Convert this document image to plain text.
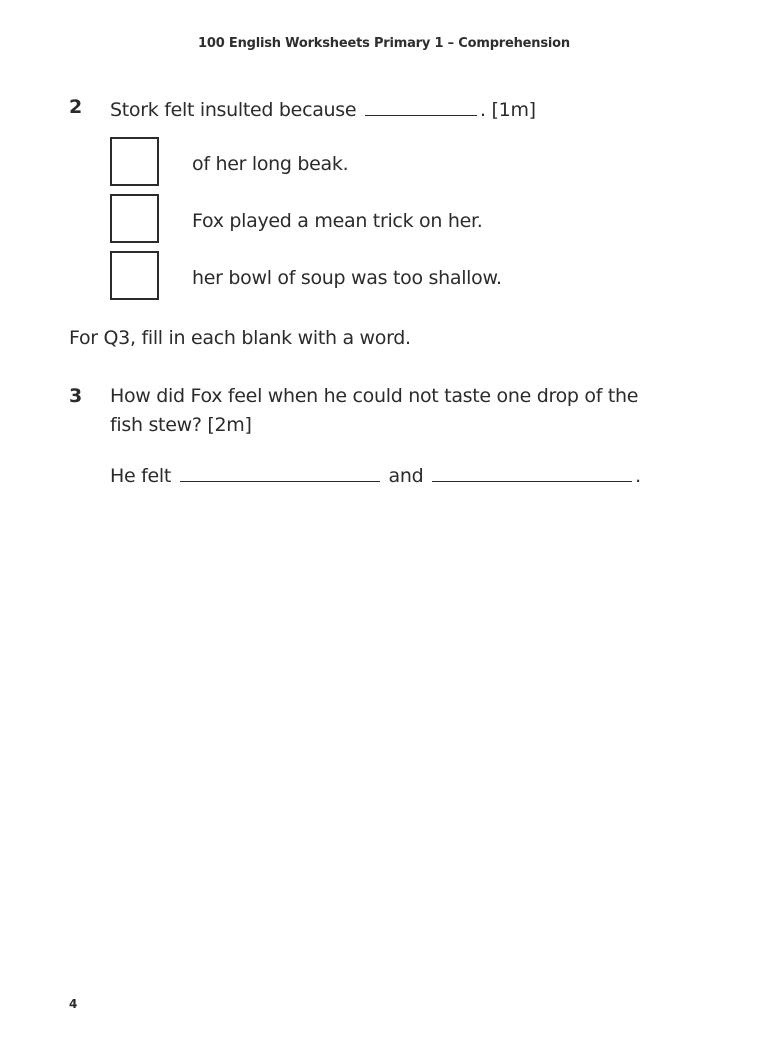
100 English Worksheets Primary 1 – Comprehension
2 Stork felt insulted because	. [1m]
of her long beak.
Fox played a mean trick on her.
her bowl of soup was too shallow.
For Q3, fill in each blank with a word.
3 How did Fox feel when he could not taste one drop of the
fish stew? [2m]
He felt	and	.
4
